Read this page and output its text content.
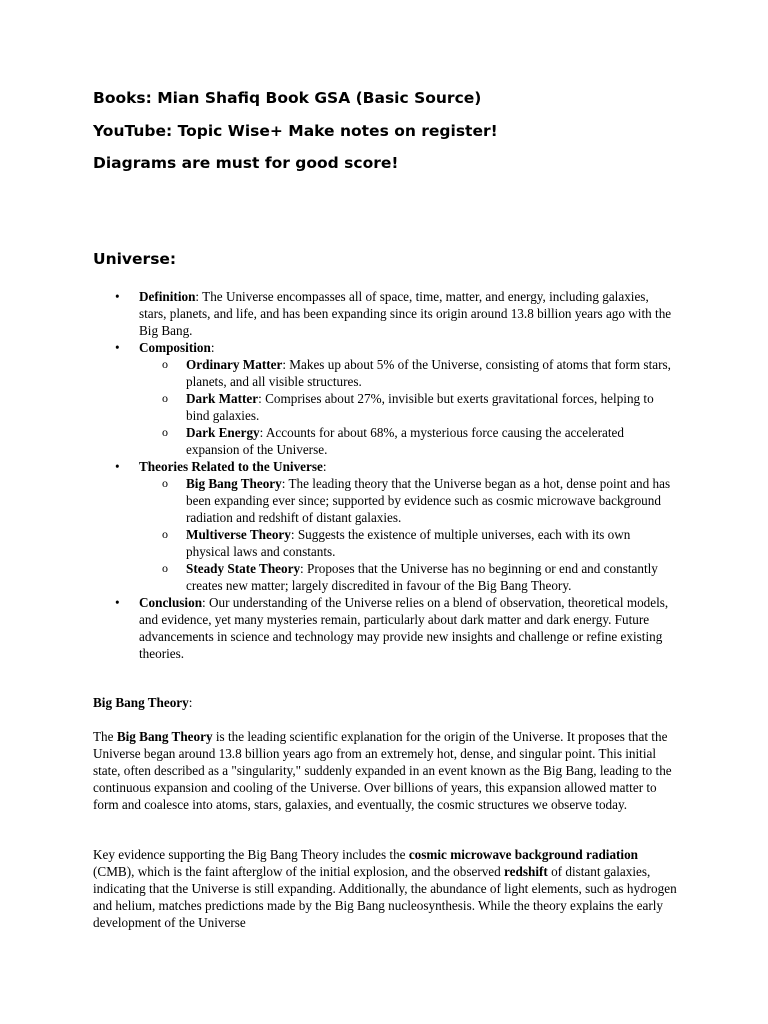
Books: Mian Shafiq Book GSA (Basic Source)
YouTube: Topic Wise+ Make notes on register!
Diagrams are must for good score!
Universe:
• Definition: The Universe encompasses all of space, time, matter, and energy, including galaxies, stars, planets, and life, and has been expanding since its origin around 13.8 billion years ago with the Big Bang.
• Composition:
o Ordinary Matter: Makes up about 5% of the Universe, consisting of atoms that form stars, planets, and all visible structures.
o Dark Matter: Comprises about 27%, invisible but exerts gravitational forces, helping to bind galaxies.
o Dark Energy: Accounts for about 68%, a mysterious force causing the accelerated expansion of the Universe.
• Theories Related to the Universe:
o Big Bang Theory: The leading theory that the Universe began as a hot, dense point and has been expanding ever since; supported by evidence such as cosmic microwave background radiation and redshift of distant galaxies.
o Multiverse Theory: Suggests the existence of multiple universes, each with its own physical laws and constants.
o Steady State Theory: Proposes that the Universe has no beginning or end and constantly creates new matter; largely discredited in favour of the Big Bang Theory.
• Conclusion: Our understanding of the Universe relies on a blend of observation, theoretical models, and evidence, yet many mysteries remain, particularly about dark matter and dark energy. Future advancements in science and technology may provide new insights and challenge or refine existing theories.
Big Bang Theory:

The Big Bang Theory is the leading scientific explanation for the origin of the Universe. It proposes that the Universe began around 13.8 billion years ago from an extremely hot, dense, and singular point. This initial state, often described as a "singularity," suddenly expanded in an event known as the Big Bang, leading to the continuous expansion and cooling of the Universe. Over billions of years, this expansion allowed matter to form and coalesce into atoms, stars, galaxies, and eventually, the cosmic structures we observe today.

Key evidence supporting the Big Bang Theory includes the cosmic microwave background radiation (CMB), which is the faint afterglow of the initial explosion, and the observed redshift of distant galaxies, indicating that the Universe is still expanding. Additionally, the abundance of light elements, such as hydrogen and helium, matches predictions made by the Big Bang nucleosynthesis. While the theory explains the early development of the Universe
